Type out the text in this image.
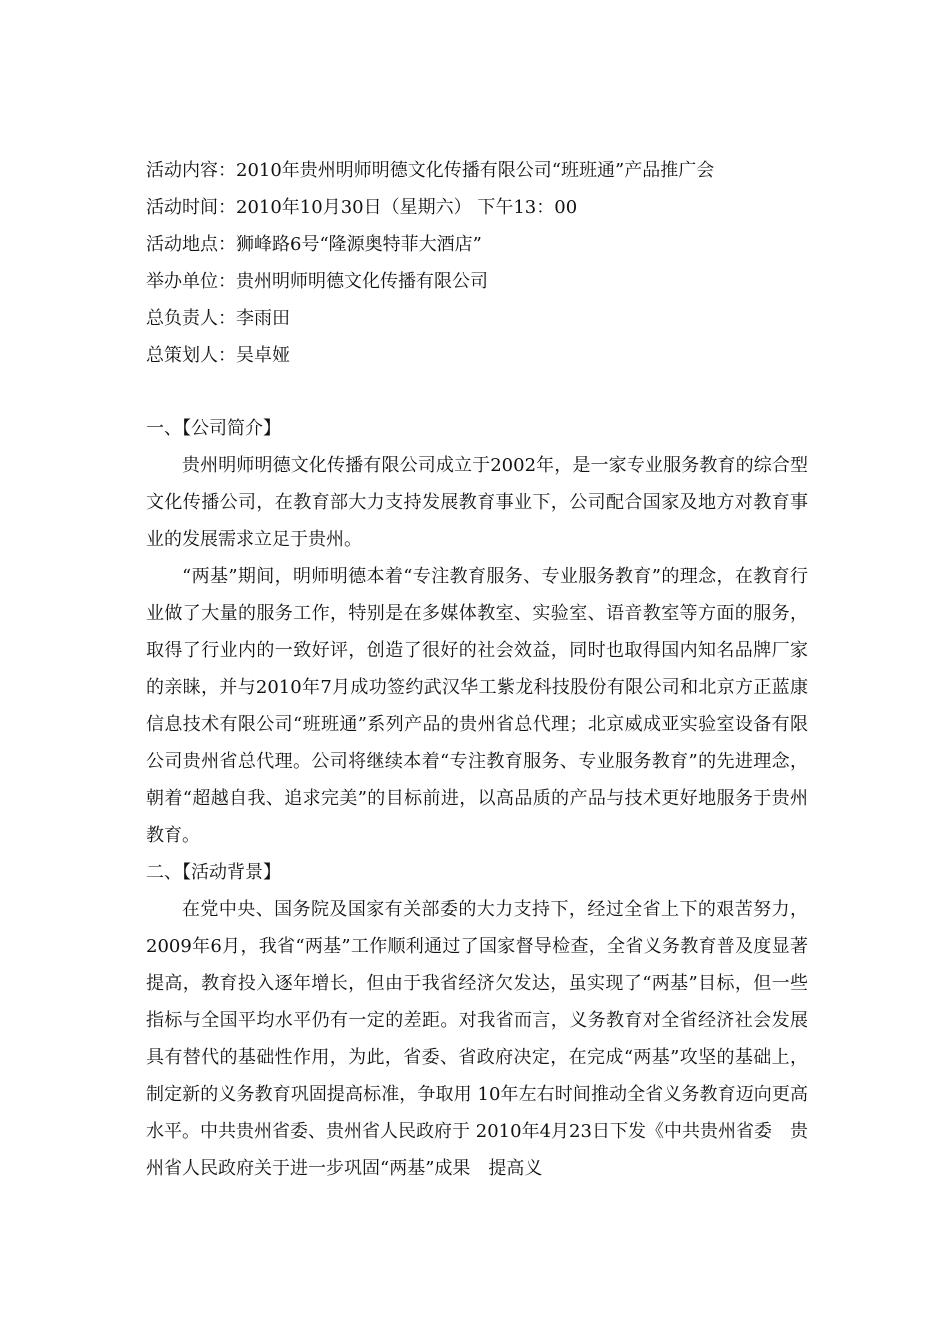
活动内容：2010年贵州明师明德文化传播有限公司“班班通”产品推广会
活动时间：2010年10月30日（星期六） 下午13：00
活动地点：狮峰路6号“隆源奥特菲大酒店”
举办单位：贵州明师明德文化传播有限公司
总负责人：李雨田
总策划人：吴卓娅
一、【公司简介】

贵州明师明德文化传播有限公司成立于2002年，是一家专业服务教育的综合型文化传播公司，在教育部大力支持发展教育事业下，公司配合国家及地方对教育事业的发展需求立足于贵州。

“两基”期间，明师明德本着“专注教育服务、专业服务教育”的理念，在教育行业做了大量的服务工作，特别是在多媒体教室、实验室、语音教室等方面的服务，取得了行业内的一致好评，创造了很好的社会效益，同时也取得国内知名品牌厂家的亲睐，并与2010年7月成功签约武汉华工紫龙科技股份有限公司和北京方正蓝康信息技术有限公司“班班通”系列产品的贵州省总代理；北京威成亚实验室设备有限公司贵州省总代理。公司将继续本着“专注教育服务、专业服务教育”的先进理念，朝着“超越自我、追求完美”的目标前进，以高品质的产品与技术更好地服务于贵州教育。

二、【活动背景】

在党中央、国务院及国家有关部委的大力支持下，经过全省上下的艰苦努力，2009年6月，我省“两基”工作顺利通过了国家督导检查，全省义务教育普及度显著提高，教育投入逐年增长，但由于我省经济欠发达，虽实现了“两基”目标，但一些指标与全国平均水平仍有一定的差距。对我省而言，义务教育对全省经济社会发展具有替代的基础性作用，为此，省委、省政府决定，在完成“两基”攻坚的基础上，制定新的义务教育巩固提高标准，争取用 10年左右时间推动全省义务教育迈向更高水平。中共贵州省委、贵州省人民政府于 2010年4月23日下发《中共贵州省委　贵州省人民政府关于进一步巩固“两基”成果　提高义
